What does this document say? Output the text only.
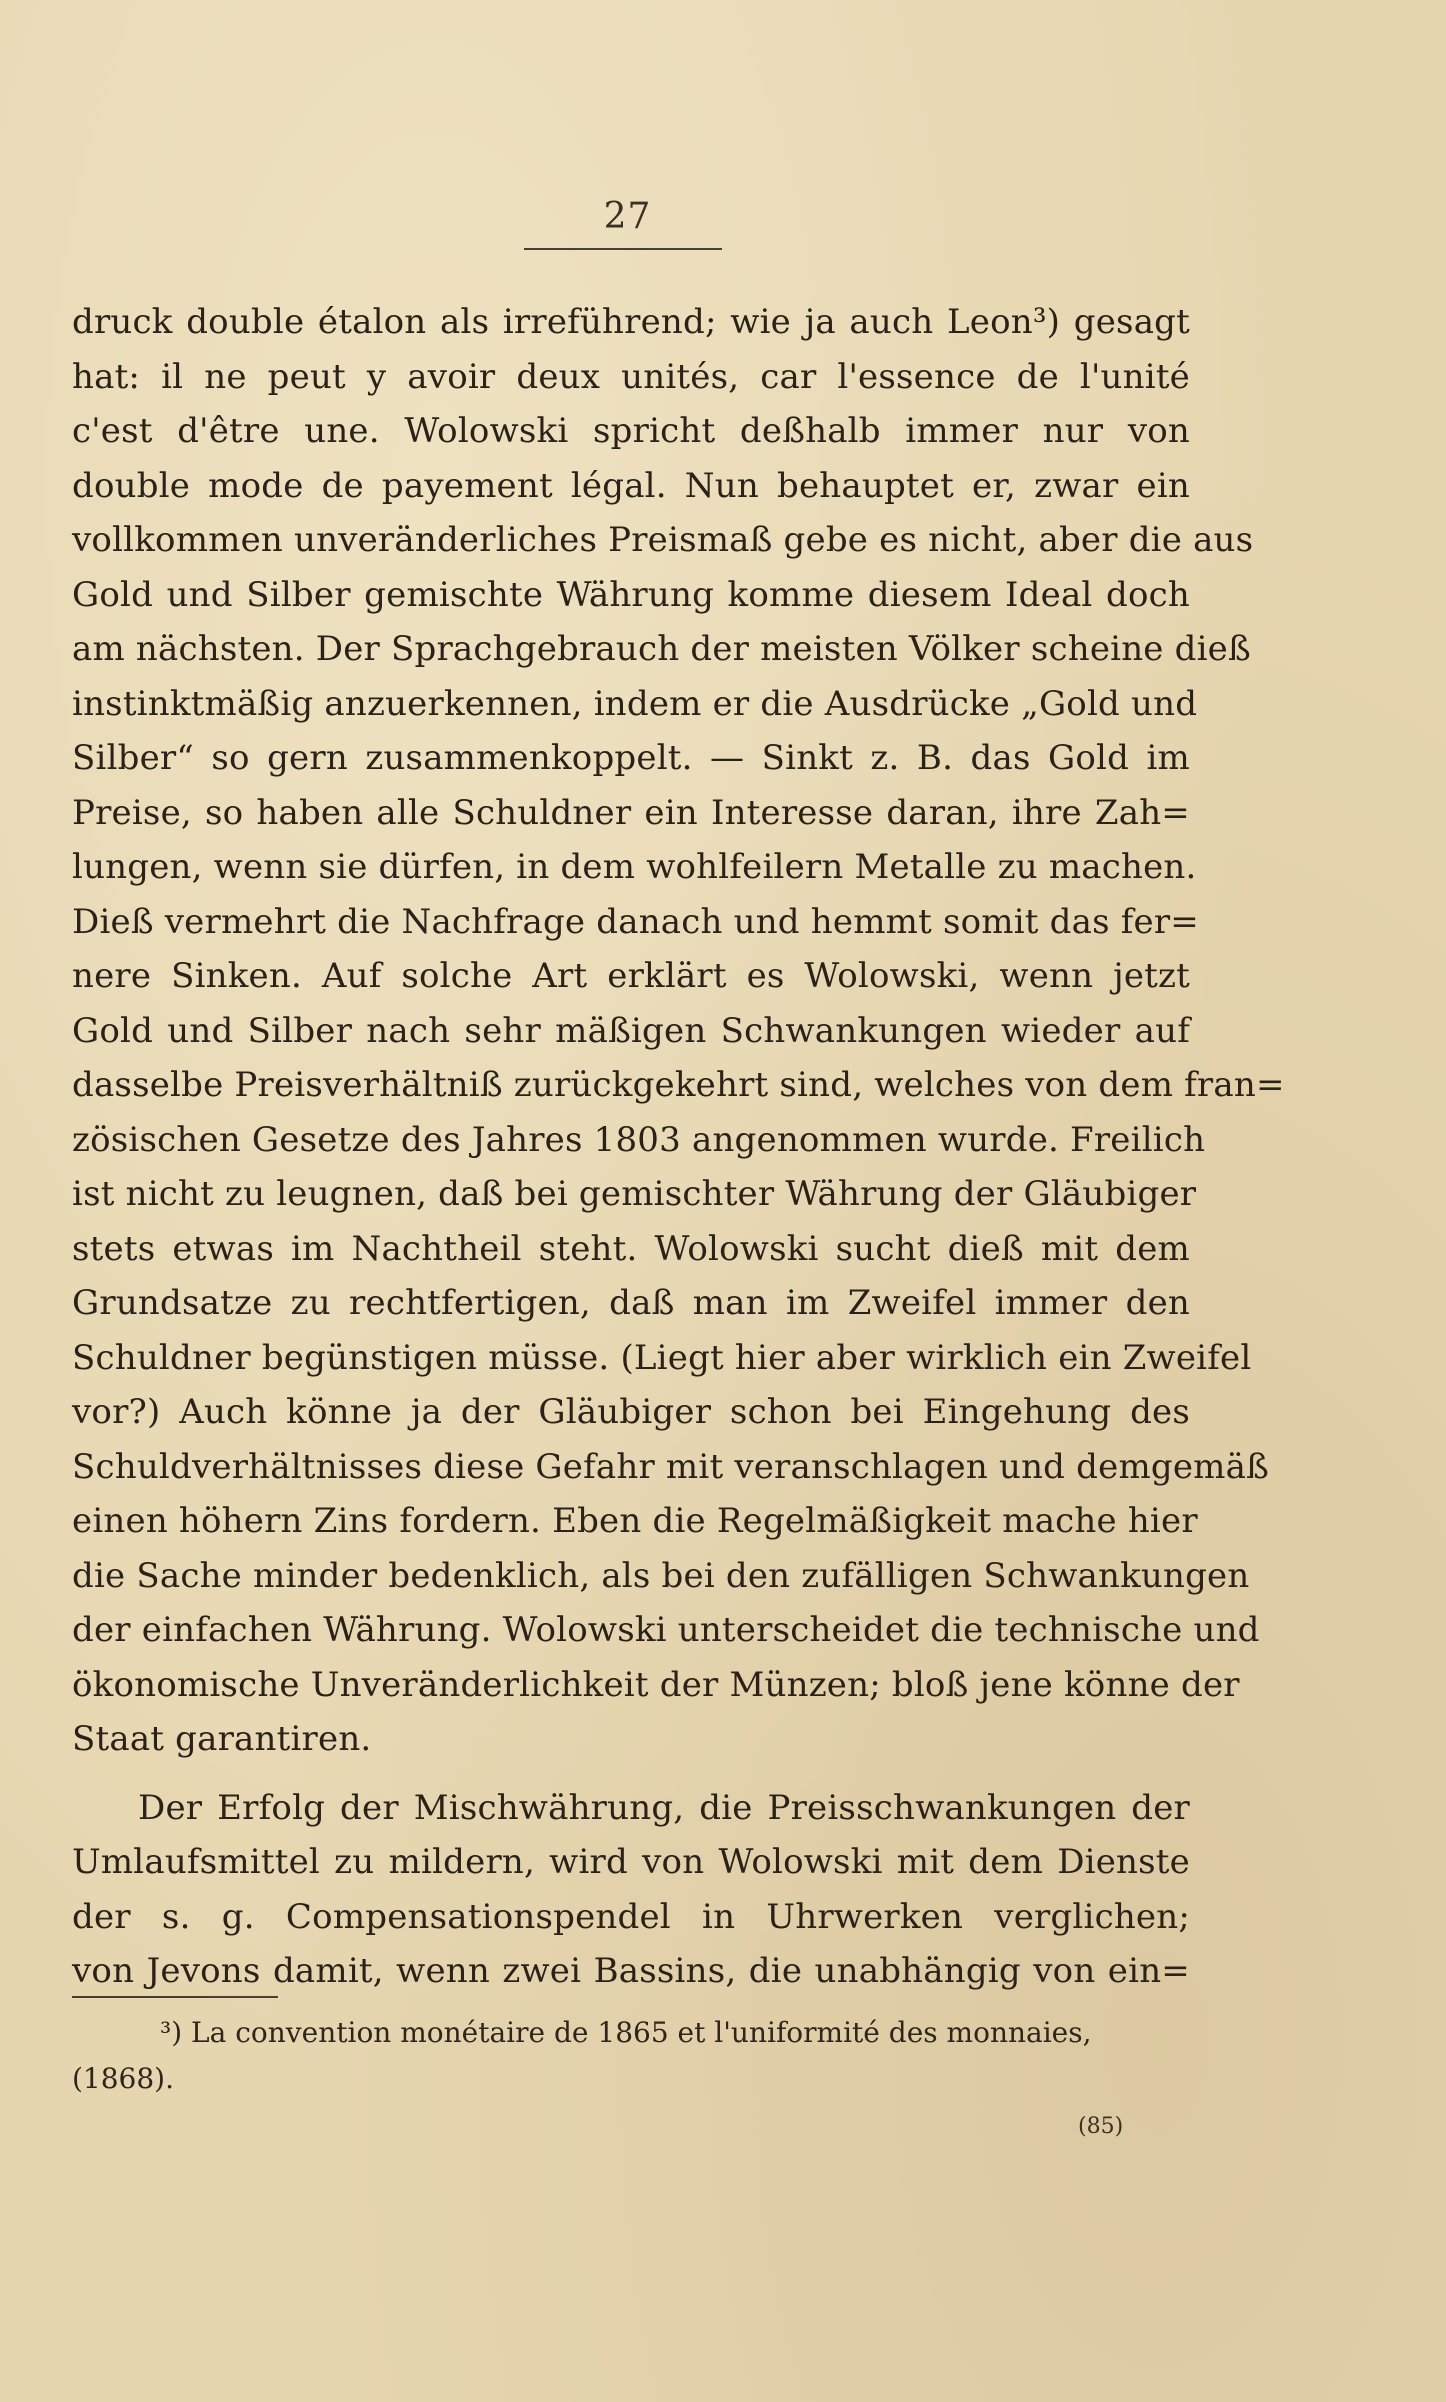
27
druck double étalon als irreführend; wie ja auch Leon³) gesagt
hat: il ne peut y avoir deux unités, car l'essence de l'unité
c'est d'être une. Wolowski spricht deßhalb immer nur von
double mode de payement légal. Nun behauptet er, zwar ein
vollkommen unveränderliches Preismaß gebe es nicht, aber die aus
Gold und Silber gemischte Währung komme diesem Ideal doch
am nächsten. Der Sprachgebrauch der meisten Völker scheine dieß
instinktmäßig anzuerkennen, indem er die Ausdrücke „Gold und
Silber“ so gern zusammenkoppelt. — Sinkt z. B. das Gold im
Preise, so haben alle Schuldner ein Interesse daran, ihre Zah=
lungen, wenn sie dürfen, in dem wohlfeilern Metalle zu machen.
Dieß vermehrt die Nachfrage danach und hemmt somit das fer=
nere Sinken. Auf solche Art erklärt es Wolowski, wenn jetzt
Gold und Silber nach sehr mäßigen Schwankungen wieder auf
dasselbe Preisverhältniß zurückgekehrt sind, welches von dem fran=
zösischen Gesetze des Jahres 1803 angenommen wurde. Freilich
ist nicht zu leugnen, daß bei gemischter Währung der Gläubiger
stets etwas im Nachtheil steht. Wolowski sucht dieß mit dem
Grundsatze zu rechtfertigen, daß man im Zweifel immer den
Schuldner begünstigen müsse. (Liegt hier aber wirklich ein Zweifel
vor?) Auch könne ja der Gläubiger schon bei Eingehung des
Schuldverhältnisses diese Gefahr mit veranschlagen und demgemäß
einen höhern Zins fordern. Eben die Regelmäßigkeit mache hier
die Sache minder bedenklich, als bei den zufälligen Schwankungen
der einfachen Währung. Wolowski unterscheidet die technische und
ökonomische Unveränderlichkeit der Münzen; bloß jene könne der
Staat garantiren.
Der Erfolg der Mischwährung, die Preisschwankungen der
Umlaufsmittel zu mildern, wird von Wolowski mit dem Dienste
der s. g. Compensationspendel in Uhrwerken verglichen;
von Jevons damit, wenn zwei Bassins, die unabhängig von ein=
³) La convention monétaire de 1865 et l'uniformité des monnaies,
(1868).
(85)
